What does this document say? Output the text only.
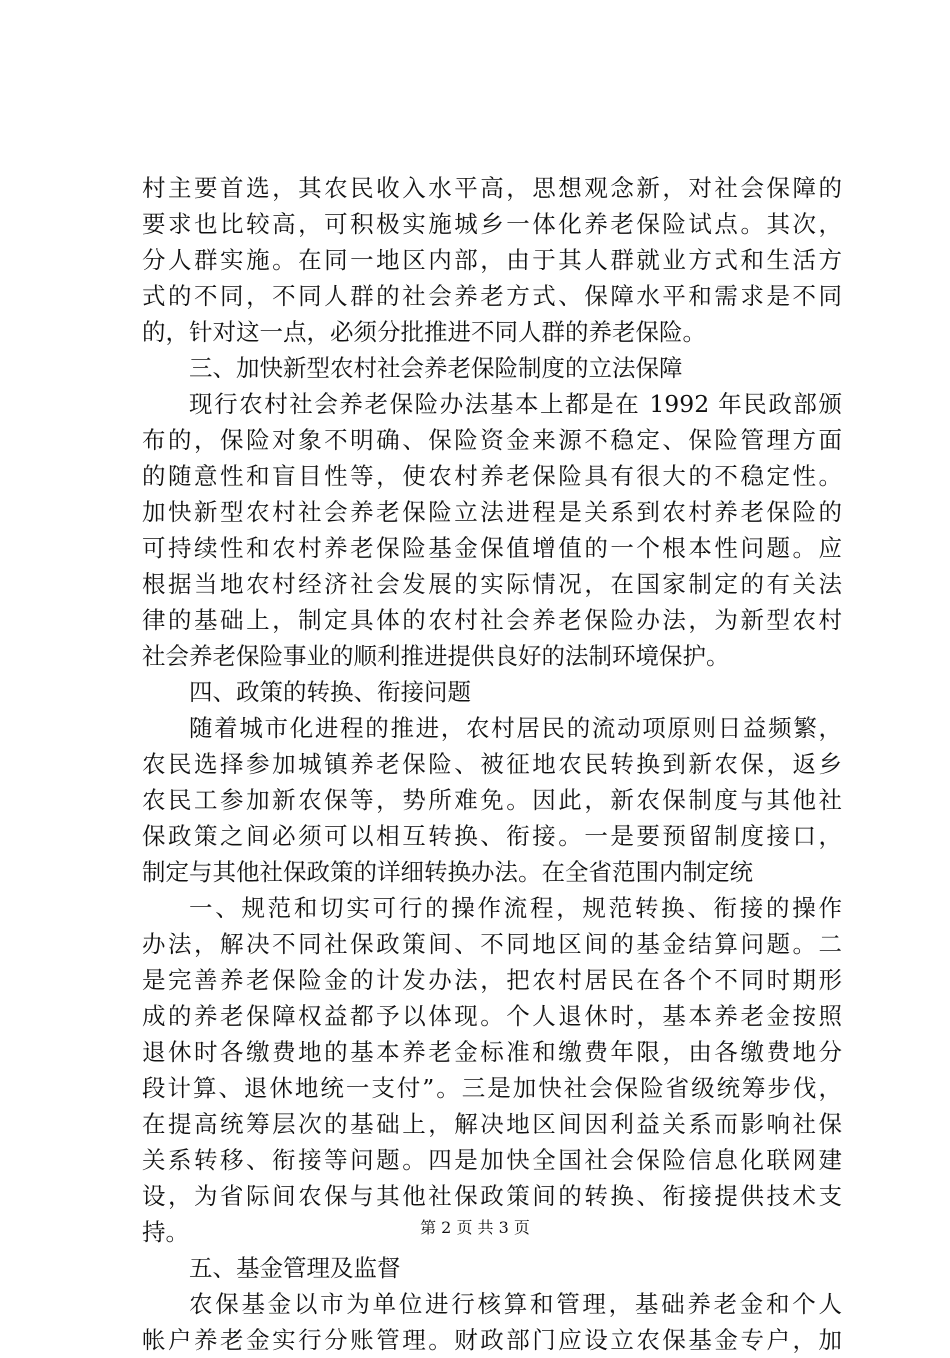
村主要首选，其农民收入水平高，思想观念新，对社会保障的
要求也比较高，可积极实施城乡一体化养老保险试点。其次，
分人群实施。在同一地区内部，由于其人群就业方式和生活方
式的不同，不同人群的社会养老方式、保障水平和需求是不同
的，针对这一点，必须分批推进不同人群的养老保险。
三、加快新型农村社会养老保险制度的立法保障
现行农村社会养老保险办法基本上都是在 1992 年民政部颁
布的，保险对象不明确、保险资金来源不稳定、保险管理方面
的随意性和盲目性等，使农村养老保险具有很大的不稳定性。
加快新型农村社会养老保险立法进程是关系到农村养老保险的
可持续性和农村养老保险基金保值增值的一个根本性问题。应
根据当地农村经济社会发展的实际情况，在国家制定的有关法
律的基础上，制定具体的农村社会养老保险办法，为新型农村
社会养老保险事业的顺利推进提供良好的法制环境保护。
四、政策的转换、衔接问题
随着城市化进程的推进，农村居民的流动项原则日益频繁，
农民选择参加城镇养老保险、被征地农民转换到新农保，返乡
农民工参加新农保等，势所难免。因此，新农保制度与其他社
保政策之间必须可以相互转换、衔接。一是要预留制度接口，
制定与其他社保政策的详细转换办法。在全省范围内制定统
一、规范和切实可行的操作流程，规范转换、衔接的操作
办法，解决不同社保政策间、不同地区间的基金结算问题。二
是完善养老保险金的计发办法，把农村居民在各个不同时期形
成的养老保障权益都予以体现。个人退休时，基本养老金按照
退休时各缴费地的基本养老金标准和缴费年限，由各缴费地分
段计算、退休地统一支付”。三是加快社会保险省级统筹步伐，
在提高统筹层次的基础上，解决地区间因利益关系而影响社保
关系转移、衔接等问题。四是加快全国社会保险信息化联网建
设，为省际间农保与其他社保政策间的转换、衔接提供技术支
持。
五、基金管理及监督
农保基金以市为单位进行核算和管理，基础养老金和个人
帐户养老金实行分账管理。财政部门应设立农保基金专户，加
第 2 页 共 3 页
